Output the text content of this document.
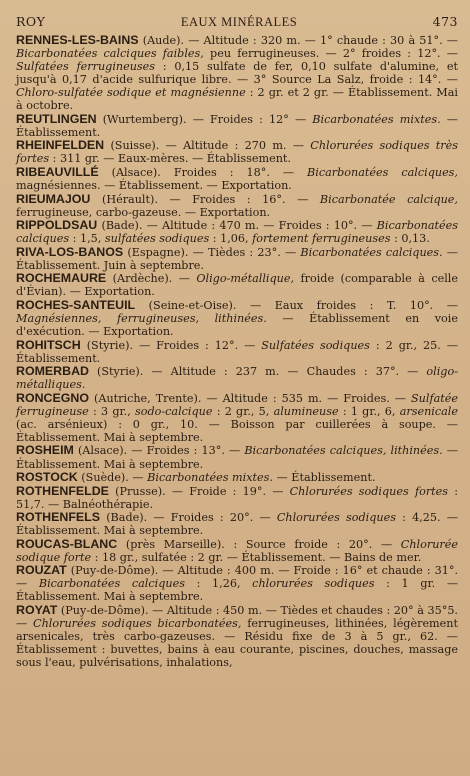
ROY	EAUX MINÉRALES	473

RENNES-LES-BAINS (Aude). — Altitude : 320 m. — 1° chaude : 30 à 51°. — Bicarbonatées calciques faibles, peu ferrugineuses. — 2° froides : 12°. — Sulfatées ferrugineuses : 0,15 sulfate de fer, 0,10 sulfate d'alumine, et jusqu'à 0,17 d'acide sulfurique libre. — 3° Source La Salz, froide : 14°. — Chloro-sulfatée sodique et magnésienne : 2 gr. et 2 gr. — Établissement. Mai à octobre.

REUTLINGEN (Wurtemberg). — Froides : 12° — Bicarbonatées mixtes. — Établissement.

RHEINFELDEN (Suisse). — Altitude : 270 m. — Chlorurées sodiques très fortes : 311 gr. — Eaux-mères. — Établissement.

RIBEAUVILLÉ (Alsace). Froides : 18°. — Bicarbonatées calciques, magnésiennes. — Établissement. — Exportation.

RIEUMAJOU (Hérault). — Froides : 16°. — Bicarbonatée calcique, ferrugineuse, carbo-gazeuse. — Exportation.

RIPPOLDSAU (Bade). — Altitude : 470 m. — Froides : 10°. — Bicarbonatées calciques : 1,5, sulfatées sodiques : 1,06, fortement ferrugineuses : 0,13.

RIVA-LOS-BANOS (Espagne). — Tièdes : 23°. — Bicarbonatées calciques. — Établissement. Juin à septembre.

ROCHEMAURE (Ardèche). — Oligo-métallique, froide (comparable à celle d'Évian). — Exportation.

ROCHES-SANTEUIL (Seine-et-Oise). — Eaux froides : T. 10°. — Magnésiennes, ferrugineuses, lithinées. — Établissement en voie d'exécution. — Exportation.

ROHITSCH (Styrie). — Froides : 12°. — Sulfatées sodiques : 2 gr., 25. — Établissement.

ROMERBAD (Styrie). — Altitude : 237 m. — Chaudes : 37°. — oligo-métalliques.

RONCEGNO (Autriche, Trente). — Altitude : 535 m. — Froides. — Sulfatée ferrugineuse : 3 gr., sodo-calcique : 2 gr., 5, alumineuse : 1 gr., 6, arsenicale (ac. arsénieux) : 0 gr., 10. — Boisson par cuillerées à soupe. — Établissement. Mai à septembre.

ROSHEIM (Alsace). — Froides : 13°. — Bicarbonatées calciques, lithinées. — Établissement. Mai à septembre.

ROSTOCK (Suède). — Bicarbonatées mixtes. — Établissement.

ROTHENFELDE (Prusse). — Froide : 19°. — Chlorurées sodiques fortes : 51,7. — Balnéothérapie.

ROTHENFELS (Bade). — Froides : 20°. — Chlorurées sodiques : 4,25. — Établissement. Mai à septembre.

ROUCAS-BLANC (près Marseille). : Source froide : 20°. — Chlorurée sodique forte : 18 gr., sulfatée : 2 gr. — Établissement. — Bains de mer.

ROUZAT (Puy-de-Dôme). — Altitude : 400 m. — Froide : 16° et chaude : 31°. — Bicarbonatées calciques : 1,26, chlorurées sodiques : 1 gr. — Établissement. Mai à septembre.

ROYAT (Puy-de-Dôme). — Altitude : 450 m. — Tièdes et chaudes : 20° à 35°5. — Chlorurées sodiques bicarbonatées, ferrugineuses, lithinées, légèrement arsenicales, très carbo-gazeuses. — Résidu fixe de 3 à 5 gr., 62. — Établissement : buvettes, bains à eau courante, piscines, douches, massage sous l'eau, pulvérisations, inhalations,
